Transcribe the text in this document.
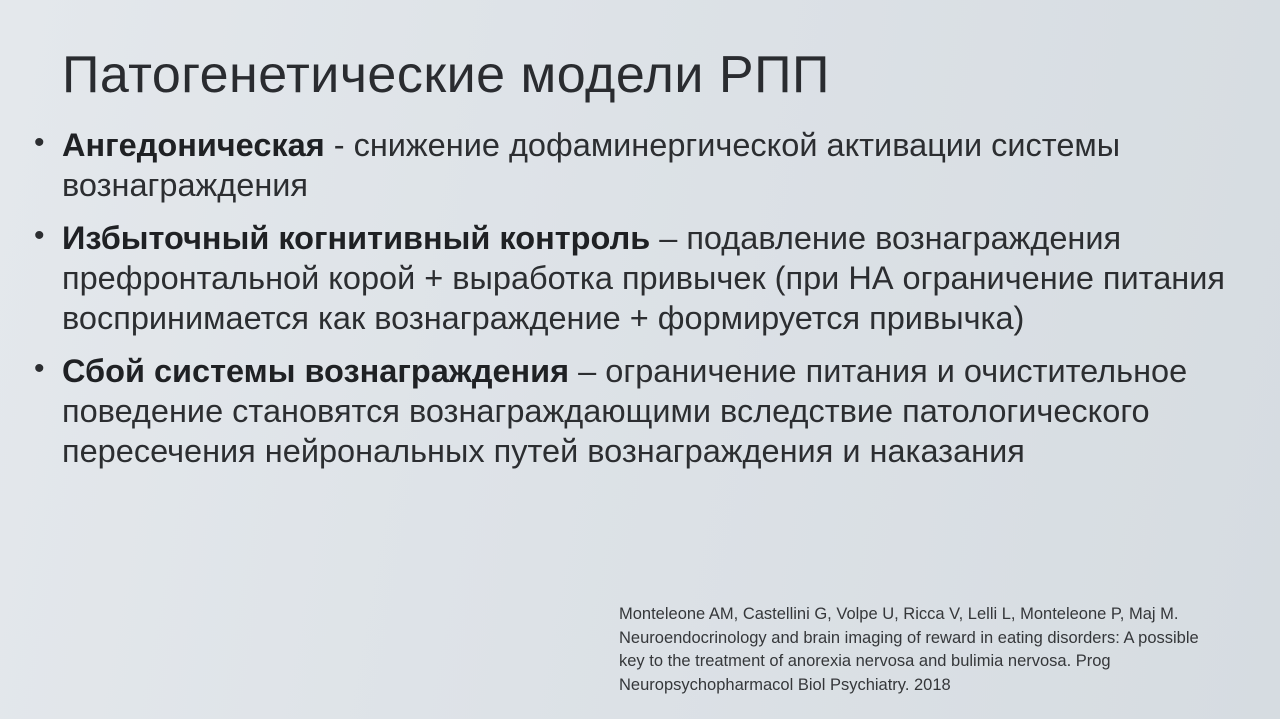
Патогенетические модели РПП
• Ангедоническая - снижение дофаминергической активации системы вознаграждения
• Избыточный когнитивный контроль – подавление вознаграждения префронтальной корой + выработка привычек (при НА ограничение питания воспринимается как вознаграждение + формируется привычка)
• Сбой системы вознаграждения – ограничение питания и очистительное поведение становятся вознаграждающими вследствие патологического пересечения нейрональных путей вознаграждения и наказания
Monteleone AM, Castellini G, Volpe U, Ricca V, Lelli L, Monteleone P, Maj M.
Neuroendocrinology and brain imaging of reward in eating disorders: A possible
key to the treatment of anorexia nervosa and bulimia nervosa. Prog
Neuropsychopharmacol Biol Psychiatry. 2018
